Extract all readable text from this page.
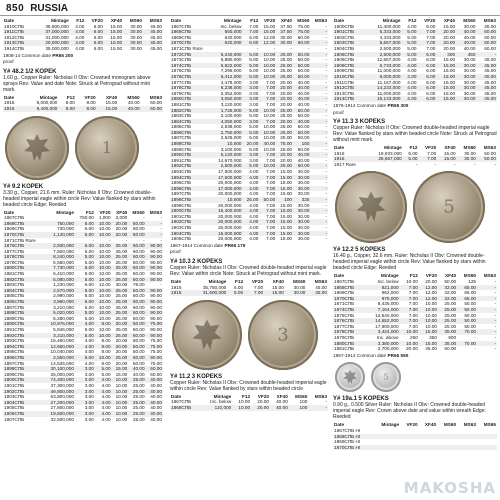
850 RUSSIA
Date	Mintage	F12	VF20	XF40	MS60	MS63
1910СПБ	35,900,000	4.00	6.00	15.00	30.00	45.00
1911СПБ	37,000,000	4.00	6.00	15.00	30.00	45.00
1912СПБ	31,000,000	4.00	6.00	15.00	30.00	45.00
1913СПБ	20,000,000	4.00	6.00	15.00	30.00	45.00
1914СПБ	35,000,000	4.00	6.00	15.00	30.00	45.00
1908-14 Common date PR65 200
proof
Y# 48.2 1/2 KOPEK
1.60 g., Copper Ruler: Nicholas II Obv: Crowned monogram above sprays Rev: Value and date Note: Struck at Petrograd without mint mark.
Date	Mintage	F12	VF20	XF40	MS60	MS63
1915	8,000,000	6.00	8.00	15.00	40.00	60.00
1916	9,400,000	6.00	8.00	15.00	40.00	60.00
1
Y# 9.2 KOPEK
3.30 g., Copper, 21.6 mm. Ruler: Nicholas II Obv: Crowned double-headed imperial eagle within circle Rev: Value flanked by stars within beaded circle Edge: Reeded
Date	Mintage	F12	VF20	XF40	MS60	MS63
1867СПБ		750.00	1,000	2,000	-	-
1868СПБ	750,000	5.00	10.00	20.00	50.00	-
1869СПБ	730,000	5.00	10.00	20.00	50.00	-
1870СПБ	1,140,000	5.00	10.00	20.00	50.00	-
1871СПБ Rare		-	-	-	-	-
1876СПБ	2,930,000	5.00	10.00	25.00	60.00	90.00
1877СПБ	7,500,000	5.00	10.00	25.00	60.00	90.00
1878СПБ	8,240,000	5.00	10.00	25.00	60.00	90.00
1879СПБ	6,560,000	5.00	10.00	25.00	60.00	90.00
1880СПБ	7,730,000	5.00	10.00	25.00	60.00	90.00
1881СПБ	6,410,000	5.00	10.00	25.00	60.00	90.00
1882СПБ	5,080,000	5.00	10.00	25.00	60.00	90.00
1883СПБ	1,230,000	6.00	12.00	30.00	75.00	-
1884СПБ	2,570,000	5.00	10.00	25.00	60.00	90.00
1885СПБ	2,990,000	5.00	10.00	25.00	60.00	90.00
1886СПБ	3,960,000	5.00	10.00	25.00	60.00	90.00
1887СПБ	3,210,000	5.00	10.00	25.00	60.00	90.00
1888СПБ	5,020,000	5.00	10.00	25.00	60.00	90.00
1889СПБ	5,280,000	5.00	10.00	25.00	60.00	90.00
1890СПБ	10,876,000	4.00	8.00	20.00	50.00	75.00
1891СПБ	5,846,000	5.00	10.00	25.00	60.00	90.00
1892СПБ	3,210,000	5.00	10.00	25.00	60.00	90.00
1893СПБ	15,460,000	4.00	8.00	20.00	50.00	75.00
1894СПБ	12,650,000	4.00	8.00	20.00	50.00	75.00
1895СПБ	10,040,000	4.00	8.00	20.00	50.00	75.00
1896СПБ	2,550,000	5.00	10.00	25.00	60.00	90.00
1897СПБ	14,625,000	4.00	8.00	20.00	50.00	75.00
1898СПБ	30,100,000	3.00	5.00	15.00	40.00	60.00
1899СПБ	25,000,000	3.00	5.00	15.00	40.00	60.00
1900СПБ	74,400,000	3.00	4.00	10.00	25.00	40.00
1901СПБ	37,300,000	3.00	4.00	10.00	25.00	40.00
1902СПБ	49,800,000	3.00	4.00	10.00	25.00	40.00
1903СПБ	63,800,000	3.00	4.00	10.00	25.00	40.00
1904СПБ	27,200,000	3.00	4.00	10.00	25.00	40.00
1905СПБ	27,800,000	3.00	4.00	10.00	25.00	40.00
1906СПБ	19,500,000	3.00	4.00	10.00	25.00	40.00
1907СПБ	32,500,000	3.00	4.00	10.00	25.00	40.00
Date	Mintage	F12	VF20	XF40	MS60	MS63
1867СПБ	Inc. below	7.00	15.00	37.50	75.00	-
1868СПБ	650,000	7.00	15.00	37.50	75.00	-
1869СПБ	640,000	6.00	12.00	30.00	60.00	-
1870СПБ	620,000	6.00	12.00	30.00	60.00	-
1871СПБ Rare		-	-	-	-	-
1872СПБ	5,240,000	5.00	10.00	25.00	50.00	-
1873СПБ	6,880,000	5.00	10.00	25.00	50.00	-
1874СПБ	6,822,000	5.00	10.00	25.00	50.00	-
1875СПБ	7,296,000	5.00	10.00	25.00	50.00	-
1876СПБ	6,412,000	5.00	10.00	25.00	50.00	-
1877СПБ	4,478,000	3.00	7.00	20.00	40.00	-
1878СПБ	6,238,000	3.00	7.00	20.00	40.00	-
1879СПБ	2,352,000	3.00	7.00	20.00	40.00	-
1880СПБ	3,050,000	3.00	7.00	20.00	40.00	-
1881СПБ	3,120,000	3.00	7.00	20.00	40.00	-
1882СПБ	1,725,000	5.00	10.00	25.00	50.00	-
1883СПБ	2,100,000	5.00	10.00	25.00	50.00	-
1884СПБ	4,050,000	3.00	7.00	20.00	40.00	-
1885СПБ	2,538,000	5.00	10.00	25.00	50.00	-
1886СПБ	2,750,000	5.00	10.00	25.00	50.00	-
1887СПБ	2,625,000	5.00	10.00	25.00	50.00	-
1888СПБ	10,000	20.00	40.00	75.00	150	-
1889СПБ	3,100,000	5.00	10.00	25.00	50.00	-
1890СПБ	5,120,000	3.00	7.00	20.00	40.00	-
1891СПБ	14,670,000	3.00	7.00	20.00	40.00	-
1892СПБ	2,500,000	5.00	10.00	25.00	50.00	-
1893СПБ	17,500,000	4.00	7.00	15.00	30.00	-
1894СПБ	17,500,000	4.00	7.00	15.00	30.00	-
1895СПБ	20,000,000	4.00	7.00	15.00	30.00	-
1896СПБ	17,000,000	4.00	7.00	15.00	30.00	-
1897СПБ	20,000,000	4.00	7.00	15.00	30.00	-
1898СПБ	10,000	25.00	50.00	100	325	-
1899СПБ	20,000,000	4.00	7.00	15.00	30.00	-
1900СПБ	15,400,000	4.00	7.00	15.00	30.00	-
1901СПБ	20,000,000	4.00	7.00	15.00	30.00	-
1902СПБ	20,000,000	4.00	7.00	15.00	30.00	-
1903СПБ	20,000,000	4.00	7.00	15.00	30.00	-
1904СПБ	15,000,000	4.00	7.00	15.00	30.00	-
1905СПБ	20,000,000	4.00	7.00	15.00	30.00	-
1867-1914 Common date PR65 175
proof
Y# 10.3 2 KOPEKS
Copper Ruler: Nicholas II Obv: Crowned double-headed imperial eagle Rev: Value within circle Note: Struck at Petrograd without mint mark.
Date	Mintage	F12	VF20	XF40	MS60	MS63
1915	35,750,000	5.00	7.00	15.00	30.00	45.00
1916	31,500,000	5.00	7.00	15.00	30.00	45.00
3
Y# 11.2 3 KOPEKS
Copper Ruler: Nicholas II Obv: Crowned double-headed imperial eagle within circle Rev: Value flanked by stars within beaded circle
Date	Mintage	F12	VF20	XF40	MS60	MS63
1867СПБ	Inc. below	10.00	20.00	40.00	100	-
1868СПБ	110,000	10.00	20.00	40.00	100	-
Date	Mintage	F12	VF20	XF40	MS60	MS63
1900СПБ	11,400,000	4.00	6.00	15.00	30.00	45.00
1901СПБ	5,333,000	5.00	7.00	20.00	40.00	60.00
1902СПБ	3,333,000	5.00	7.00	20.00	40.00	60.00
1903СПБ	5,667,000	5.00	7.00	20.00	40.00	60.00
1904СПБ	2,500,000	5.00	7.00	20.00	40.00	60.00
1905СПБ	2,500,000	5.00	5.00	300	450	-
1906СПБ	12,667,000	4.00	6.00	15.00	30.00	45.00
1908СПБ	6,733,000	4.00	6.00	15.00	30.00	45.00
1909СПБ	11,000,000	4.00	6.00	15.00	30.00	45.00
1910СПБ	8,000,000	4.00	6.00	15.00	30.00	45.00
1911СПБ	11,167,000	4.00	6.00	15.00	30.00	45.00
1912СПБ	14,233,000	4.00	6.00	15.00	30.00	45.00
1913СПБ	11,000,000	4.00	6.00	15.00	30.00	45.00
1914СПБ	16,133,000	4.00	6.00	15.00	30.00	45.00
1876-1914 Common date PR65 300
proof
Y# 11.3 3 KOPEKS
Copper Ruler: Nicholas II Obv: Crowned double-headed imperial eagle Rev: Value flanked by stars within beaded circle Note: Struck at Petrograd without mint mark.
Date	Mintage	F12	VF20	XF40	MS60	MS63
1915	19,933,000	5.00	7.00	15.00	30.00	50.00
1916	25,667,000	5.00	7.00	15.00	30.00	50.00
1917 Rare		-	-	-	-	-
5
Y# 12.2 5 KOPEKS
16.40 g., Copper, 32.6 mm. Ruler: Nicholas II Obv: Crowned double-headed imperial eagle within circle Rev: Value flanked by stars within beaded circle Edge: Reeded
Date	Mintage	F12	VF20	XF40	MS60	MS63
1867СПБ	Inc. below	10.00	20.00	50.00	125	-
1868СПБ	821,000	7.00	12.00	32.00	65.00	-
1869СПБ	962,000	7.00	12.00	32.00	65.00	-
1870СПБ	975,000	7.00	12.00	32.00	65.00	-
1871СПБ	8,436,000	7.00	10.00	25.00	50.00	-
1874СПБ	7,164,000	7.00	10.00	25.00	50.00	-
1875СПБ	12,540,000	7.00	10.00	25.00	50.00	-
1876СПБ	14,652,000	7.00	10.00	25.00	50.00	-
1877СПБ	17,900,000	7.00	10.00	25.00	50.00	-
1878СПБ	3,424,000	10.00	15.00	35.00	70.00	-
1879СПБ	Inc. above	250	350	500	-	-
1880СПБ	3,380,000	10.00	15.00	35.00	70.00	-
1881СПБ	2,700,000	20.00	35.00	60.00	-	-
1867-1914 Common date PR65 550
5
Y# 19a.1 5 KOPEKS
0.90 g., 0.500 Silver Ruler: Nicholas II Obv: Crowned double-headed imperial eagle Rev: Crown above date and value within wreath Edge: Reeded
Date	Mintage	VF20	XF40	MS60	MS63	MS65
1867СПБ НІ						
1868СПБ НІ						
1869СПБ НІ						
1870СПБ НІ						
MAKOSHA
